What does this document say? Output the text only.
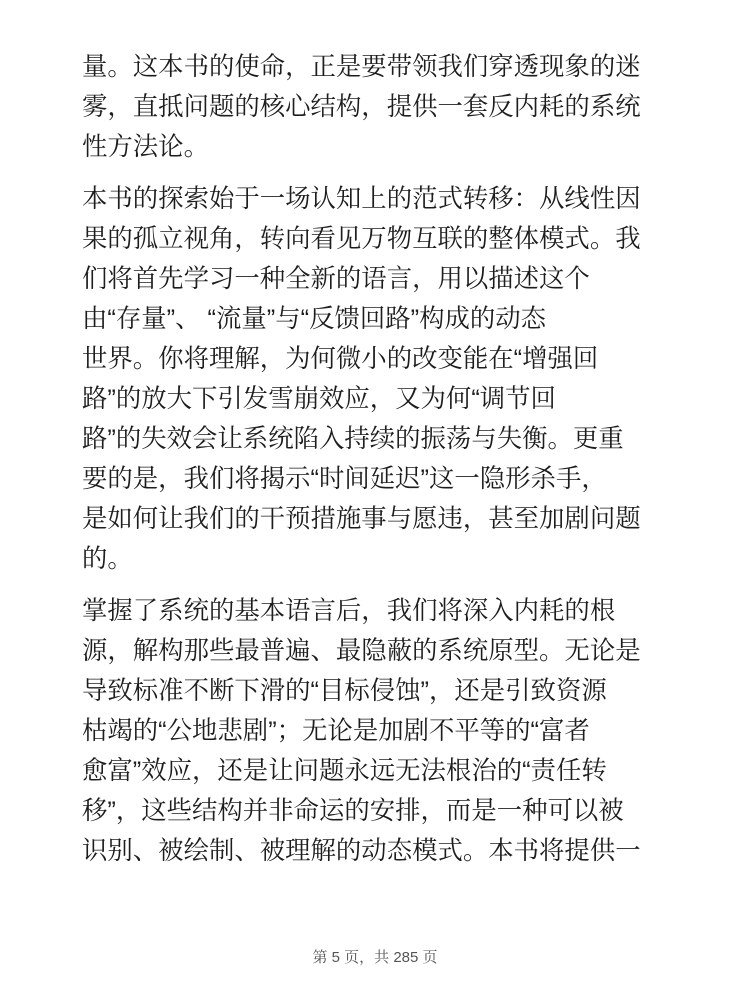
量。这本书的使命，正是要带领我们穿透现象的迷
雾，直抵问题的核心结构，提供一套反内耗的系统
性方法论。

本书的探索始于一场认知上的范式转移：从线性因
果的孤立视角，转向看见万物互联的整体模式。我
们将首先学习一种全新的语言，用以描述这个
由“存量”、 “流量”与“反馈回路”构成的动态
世界。你将理解，为何微小的改变能在“增强回
路”的放大下引发雪崩效应，又为何“调节回
路”的失效会让系统陷入持续的振荡与失衡。更重
要的是，我们将揭示“时间延迟”这一隐形杀手，
是如何让我们的干预措施事与愿违，甚至加剧问题
的。

掌握了系统的基本语言后，我们将深入内耗的根
源，解构那些最普遍、最隐蔽的系统原型。无论是
导致标准不断下滑的“目标侵蚀”，还是引致资源
枯竭的“公地悲剧”；无论是加剧不平等的“富者
愈富”效应，还是让问题永远无法根治的“责任转
移”，这些结构并非命运的安排，而是一种可以被
识别、被绘制、被理解的动态模式。本书将提供一

第 5 页，共 285 页
